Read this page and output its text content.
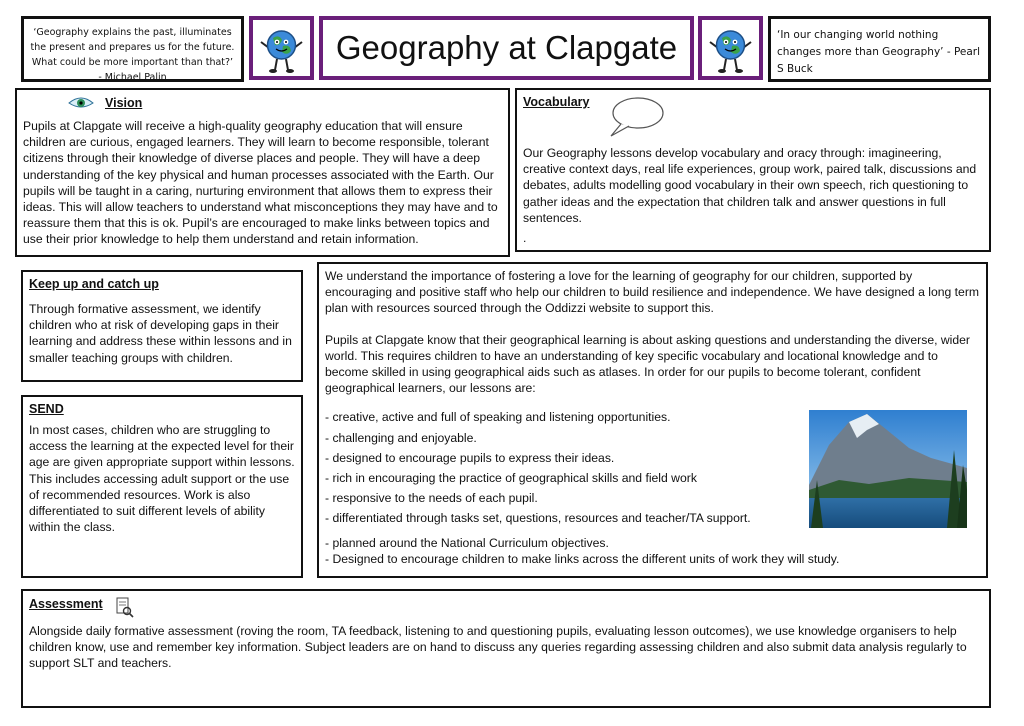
‘Geography explains the past, illuminates the present and prepares us for the future. What could be more important than that?’ - Michael Palin
Geography at Clapgate	‘In our changing world nothing changes more than Geography’ - Pearl S Buck
Vision

Pupils at Clapgate will receive a high-quality geography education that will ensure children are curious, engaged learners. They will learn to become responsible, tolerant citizens through their knowledge of diverse places and people. They will have a deep understanding of the key physical and human processes associated with the Earth. Our pupils will be taught in a caring, nurturing environment that allows them to express their ideas. This will allow teachers to understand what misconceptions they may have and to reassure them that this is ok. Pupil’s are encouraged to make links between topics and use their prior knowledge to help them understand and retain information.

Vocabulary

Our Geography lessons develop vocabulary and oracy through: imagineering, creative context days, real life experiences, group work, paired talk, discussions and debates, adults modelling good vocabulary in their own speech, rich questioning to gather ideas and the expectation that children talk and answer questions in full sentences.

.

Keep up and catch up

Through formative assessment, we identify children who at risk of developing gaps in their learning and address these within lessons and in smaller teaching groups with children.

SEND

In most cases, children who are struggling to access the learning at the expected level for their age are given appropriate support within lessons. This includes accessing adult support or the use of recommended resources. Work is also differentiated to suit different levels of ability within the class.

We understand the importance of fostering a love for the learning of geography for our children, supported by encouraging and positive staff who help our children to build resilience and independence. We have designed a long term plan with resources sourced through the Oddizzi website to support this.

Pupils at Clapgate know that their geographical learning is about asking questions and understanding the diverse, wider world. This requires children to have an understanding of key specific vocabulary and locational knowledge and to become skilled in using geographical aids such as atlases. In order for our pupils to become tolerant, confident geographical learners, our lessons are:

- creative, active and full of speaking and listening opportunities.

- challenging and enjoyable.

- designed to encourage pupils to express their ideas.

- rich in encouraging the practice of geographical skills and field work

- responsive to the needs of each pupil.

- differentiated through tasks set, questions, resources and teacher/TA support.

- planned around the National Curriculum objectives.

- Designed to encourage children to make links across the different units of work they will study.

Assessment

Alongside daily formative assessment (roving the room, TA feedback, listening to and questioning pupils, evaluating lesson outcomes), we use knowledge organisers to help children know, use and remember key information. Subject leaders are on hand to discuss any queries regarding assessing children and also submit data analysis regularly to support SLT and teachers.
